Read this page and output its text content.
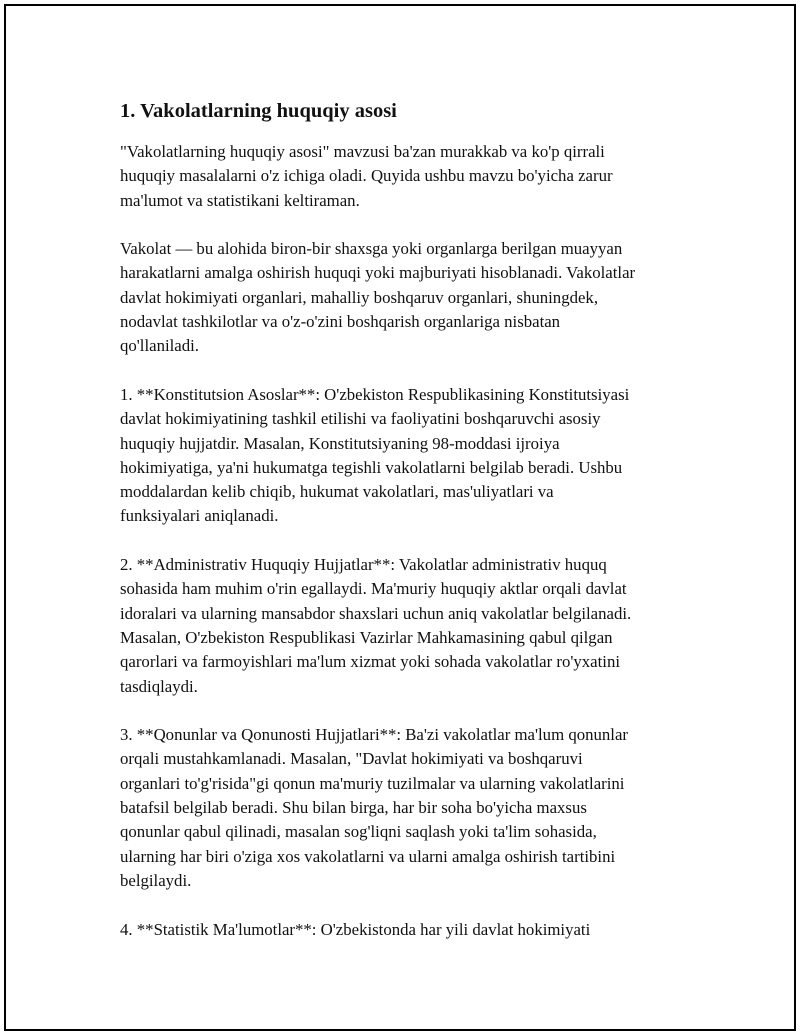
1. Vakolatlarning huquqiy asosi

"Vakolatlarning huquqiy asosi" mavzusi ba'zan murakkab va ko'p qirrali
huquqiy masalalarni o'z ichiga oladi. Quyida ushbu mavzu bo'yicha zarur
ma'lumot va statistikani keltiraman.

Vakolat — bu alohida biron-bir shaxsga yoki organlarga berilgan muayyan
harakatlarni amalga oshirish huquqi yoki majburiyati hisoblanadi. Vakolatlar
davlat hokimiyati organlari, mahalliy boshqaruv organlari, shuningdek,
nodavlat tashkilotlar va o'z-o'zini boshqarish organlariga nisbatan
qo'llaniladi.

1. **Konstitutsion Asoslar**: O'zbekiston Respublikasining Konstitutsiyasi
davlat hokimiyatining tashkil etilishi va faoliyatini boshqaruvchi asosiy
huquqiy hujjatdir. Masalan, Konstitutsiyaning 98-moddasi ijroiya
hokimiyatiga, ya'ni hukumatga tegishli vakolatlarni belgilab beradi. Ushbu
moddalardan kelib chiqib, hukumat vakolatlari, mas'uliyatlari va
funksiyalari aniqlanadi.

2. **Administrativ Huquqiy Hujjatlar**: Vakolatlar administrativ huquq
sohasida ham muhim o'rin egallaydi. Ma'muriy huquqiy aktlar orqali davlat
idoralari va ularning mansabdor shaxslari uchun aniq vakolatlar belgilanadi.
Masalan, O'zbekiston Respublikasi Vazirlar Mahkamasining qabul qilgan
qarorlari va farmoyishlari ma'lum xizmat yoki sohada vakolatlar ro'yxatini
tasdiqlaydi.

3. **Qonunlar va Qonunosti Hujjatlari**: Ba'zi vakolatlar ma'lum qonunlar
orqali mustahkamlanadi. Masalan, "Davlat hokimiyati va boshqaruvi
organlari to'g'risida"gi qonun ma'muriy tuzilmalar va ularning vakolatlarini
batafsil belgilab beradi. Shu bilan birga, har bir soha bo'yicha maxsus
qonunlar qabul qilinadi, masalan sog'liqni saqlash yoki ta'lim sohasida,
ularning har biri o'ziga xos vakolatlarni va ularni amalga oshirish tartibini
belgilaydi.

4. **Statistik Ma'lumotlar**: O'zbekistonda har yili davlat hokimiyati
